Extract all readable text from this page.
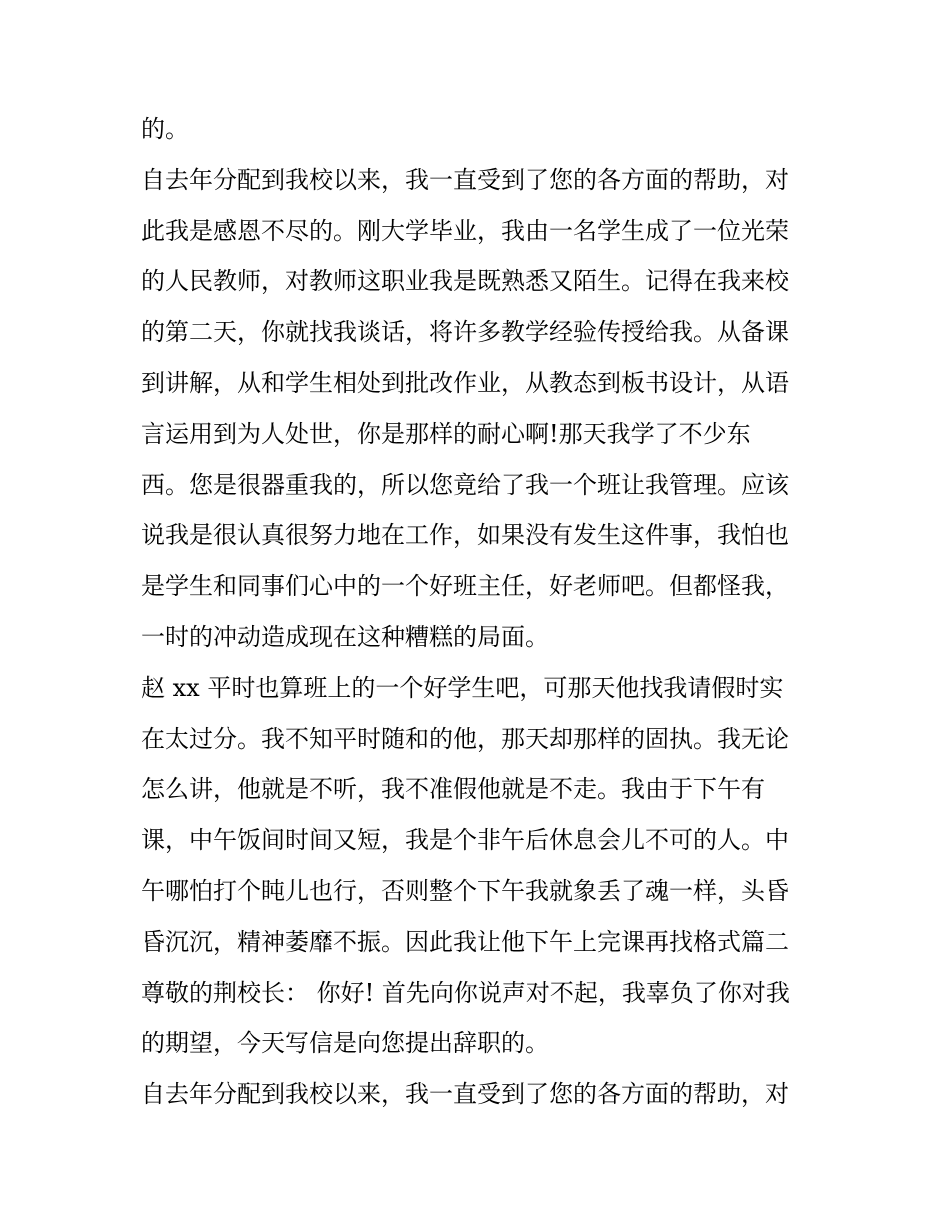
的。
自去年分配到我校以来，我一直受到了您的各方面的帮助，对
此我是感恩不尽的。刚大学毕业，我由一名学生成了一位光荣
的人民教师，对教师这职业我是既熟悉又陌生。记得在我来校
的第二天，你就找我谈话，将许多教学经验传授给我。从备课
到讲解，从和学生相处到批改作业，从教态到板书设计，从语
言运用到为人处世，你是那样的耐心啊!那天我学了不少东
西。您是很器重我的，所以您竟给了我一个班让我管理。应该
说我是很认真很努力地在工作，如果没有发生这件事，我怕也
是学生和同事们心中的一个好班主任，好老师吧。但都怪我，
一时的冲动造成现在这种糟糕的局面。
赵 xx 平时也算班上的一个好学生吧，可那天他找我请假时实
在太过分。我不知平时随和的他，那天却那样的固执。我无论
怎么讲，他就是不听，我不准假他就是不走。我由于下午有
课，中午饭间时间又短，我是个非午后休息会儿不可的人。中
午哪怕打个盹儿也行，否则整个下午我就象丢了魂一样，头昏
昏沉沉，精神萎靡不振。因此我让他下午上完课再找格式篇二
尊敬的荆校长： 你好! 首先向你说声对不起，我辜负了你对我
的期望，今天写信是向您提出辞职的。
自去年分配到我校以来，我一直受到了您的各方面的帮助，对
